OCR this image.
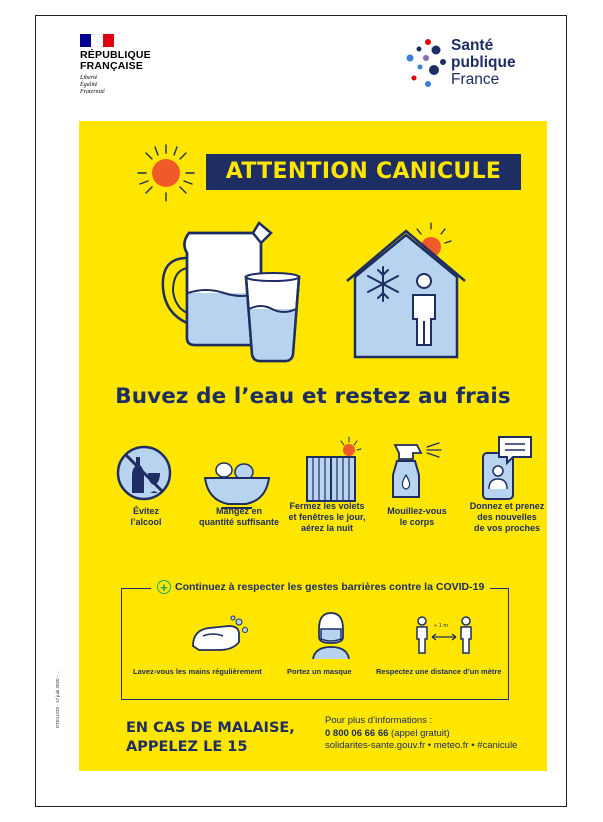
RÉPUBLIQUE
FRANÇAISE
Liberté
Égalité
Fraternité
Santé
publique
France
ATTENTION CANICULE
Buvez de l’eau et restez au frais
Évitez
l’alcool
Mangez en
quantité suffisante
Fermez les volets
et fenêtres le jour,
aérez la nuit
Mouillez-vous
le corps
Donnez et prenez
des nouvelles
de vos proches
+ Continuez à respecter les gestes barrières contre la COVID-19
+ 1 m
Lavez-vous les mains régulièrement	Portez un masque	Respectez une distance d’un mètre
EN CAS DE MALAISE,
APPELEZ LE 15
Pour plus d’informations :
0 800 06 66 66 (appel gratuit)
solidarites-sante.gouv.fr • meteo.fr • #canicule
DTE11220 - 17 juin 2020 - …
